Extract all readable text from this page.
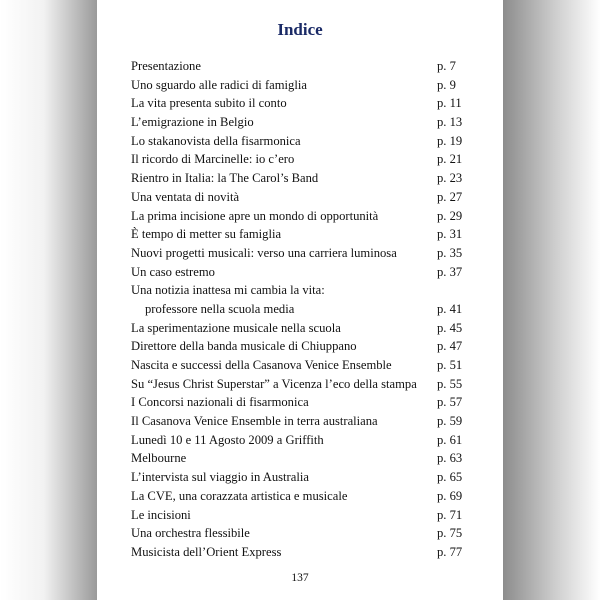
Indice
Presentazione	p. 7
Uno sguardo alle radici di famiglia	p. 9
La vita presenta subito il conto	p. 11
L’emigrazione in Belgio	p. 13
Lo stakanovista della fisarmonica	p. 19
Il ricordo di Marcinelle: io c’ero	p. 21
Rientro in Italia: la The Carol’s Band	p. 23
Una ventata di novità	p. 27
La prima incisione apre un mondo di opportunità	p. 29
È tempo di metter su famiglia	p. 31
Nuovi progetti musicali: verso una carriera luminosa	p. 35
Un caso estremo	p. 37
Una notizia inattesa mi cambia la vita:
professore nella scuola media	p. 41
La sperimentazione musicale nella scuola	p. 45
Direttore della banda musicale di Chiuppano	p. 47
Nascita e successi della Casanova Venice Ensemble	p. 51
Su “Jesus Christ Superstar” a Vicenza l’eco della stampa p. 55
I Concorsi nazionali di fisarmonica	p. 57
Il Casanova Venice Ensemble in terra australiana	p. 59
Lunedì 10 e 11 Agosto 2009 a Griffith	p. 61
Melbourne	p. 63
L’intervista sul viaggio in Australia	p. 65
La CVE, una corazzata artistica e musicale	p. 69
Le incisioni	p. 71
Una orchestra flessibile	p. 75
Musicista dell’Orient Express	p. 77
137
